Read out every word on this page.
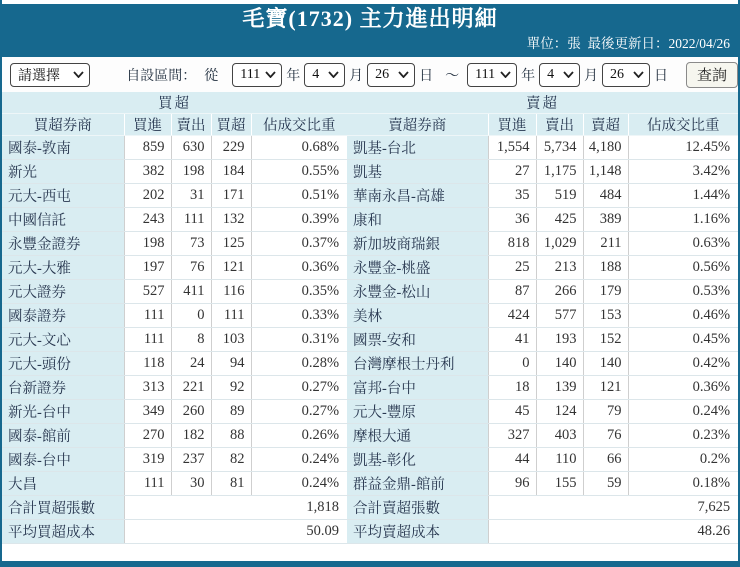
毛寶(1732) 主力進出明細
單位：張 最後更新日：2022/04/26
請選擇	自設區間： 從 111 年 4 月 26 日 ～ 111 年 4 月 26 日	查詢
買超				
買超券商	買進	賣出	買超	佔成交比重
國泰-敦南	859	630	229	0.68%
新光	382	198	184	0.55%
元大-西屯	202	31	171	0.51%
中國信託	243	111	132	0.39%
永豐金證券	198	73	125	0.37%
元大-大雅	197	76	121	0.36%
元大證券	527	411	116	0.35%
國泰證券	111	0	111	0.33%
元大-文心	111	8	103	0.31%
元大-頭份	118	24	94	0.28%
台新證券	313	221	92	0.27%
新光-台中	349	260	89	0.27%
國泰-館前	270	182	88	0.26%
國泰-台中	319	237	82	0.24%
大昌	111	30	81	0.24%
合計買超張數	1,818			
平均買超成本	50.09			
賣超				
賣超券商	買進	賣出	賣超	佔成交比重
凱基-台北	1,554	5,734	4,180	12.45%
凱基	27	1,175	1,148	3.42%
華南永昌-高雄	35	519	484	1.44%
康和	36	425	389	1.16%
新加坡商瑞銀	818	1,029	211	0.63%
永豐金-桃盛	25	213	188	0.56%
永豐金-松山	87	266	179	0.53%
美林	424	577	153	0.46%
國票-安和	41	193	152	0.45%
台灣摩根士丹利	0	140	140	0.42%
富邦-台中	18	139	121	0.36%
元大-豐原	45	124	79	0.24%
摩根大通	327	403	76	0.23%
凱基-彰化	44	110	66	0.2%
群益金鼎-館前	96	155	59	0.18%
合計賣超張數	7,625			
平均賣超成本	48.26			
